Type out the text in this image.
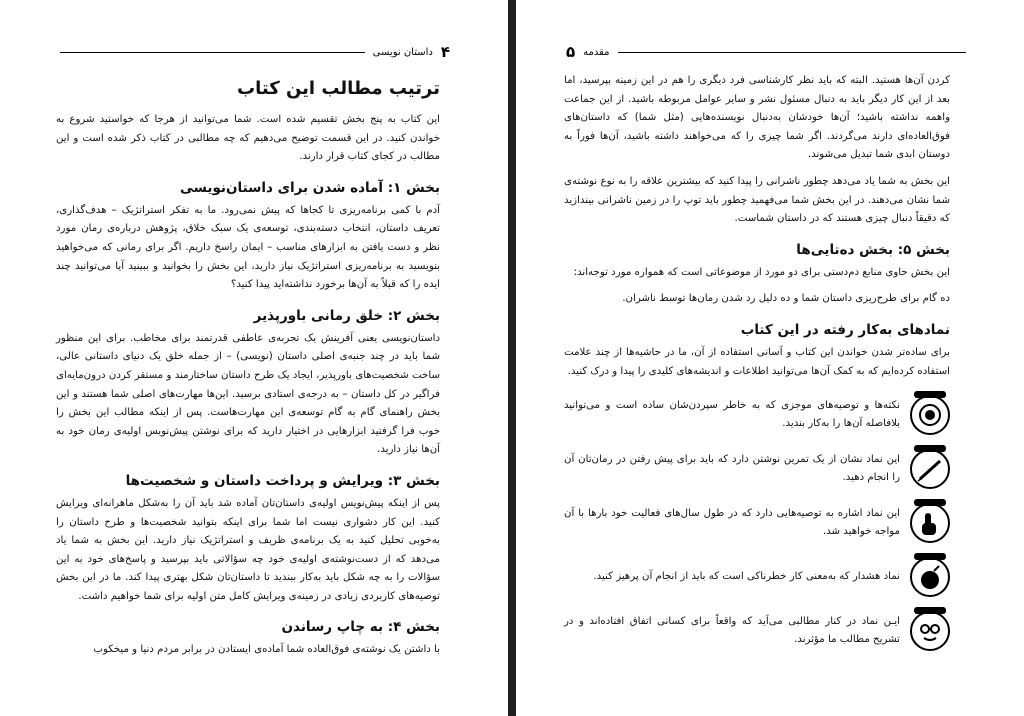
۴
داستان نویسی
ترتیب مطالب این کتاب

این کتاب به پنج بخش تقسیم شده است. شما می‌توانید از هرجا که خواستید شروع به خواندن کنید. در این قسمت توضیح می‌دهیم که چه مطالبی در کتاب ذکر شده است و این مطالب در کجای کتاب قرار دارند.

بخش ۱: آماده شدن برای داستان‌نویسی

آدم با کمی برنامه‌ریزی تا کجاها که پیش نمی‌رود. ما به تفکر استراتژیک – هدف‌گذاری، تعریف داستان، انتخاب دسته‌بندی، توسعه‌ی یک سبک خلاق، پژوهش درباره‌ی رمان مورد نظر و دست یافتن به ابزارهای مناسب – ایمان راسخ داریم. اگر برای رمانی که می‌خواهید بنویسید به برنامه‌ریزی استراتژیک نیاز دارید، این بخش را بخوانید و ببینید آیا می‌توانید چند ایده را که قبلاً به آن‌ها برخورد نداشته‌اید پیدا کنید؟

بخش ۲: خلق رمانی باورپذیر

داستان‌نویسی یعنی آفرینش یک تجربه‌ی عاطفی قدرتمند برای مخاطب. برای این منظور شما باید در چند جنبه‌ی اصلی داستان (نویسی) – از جمله خلق یک دنیای داستانی عالی، ساخت شخصیت‌های باورپذیر، ایجاد یک طرح داستان ساختارمند و مستقر کردن درون‌مایه‌ای فراگیر در کل داستان – به درجه‌ی استادی برسید. این‌ها مهارت‌های اصلی شما هستند و این بخش راهنمای گام به گام توسعه‌ی این مهارت‌هاست. پس از اینکه مطالب این بخش را خوب فرا گرفتید ابزارهایی در اختیار دارید که برای نوشتن پیش‌نویس اولیه‌ی رمان خود به آن‌ها نیاز دارید.

بخش ۳: ویرایش و پرداخت داستان و شخصیت‌ها

پس از اینکه پیش‌نویس اولیه‌ی داستان‌تان آماده شد باید آن را به‌شکل ماهرانه‌ای ویرایش کنید. این کار دشواری نیست اما شما برای اینکه بتوانید شخصیت‌ها و طرح داستان را به‌خوبی تحلیل کنید به یک برنامه‌ی ظریف و استراتژیک نیاز دارید. این بخش به شما یاد می‌دهد که از دست‌نوشته‌ی اولیه‌ی خود چه سؤالاتی باید بپرسید و پاسخ‌های خود به این سؤالات را به چه شکل باید به‌کار ببندید تا داستان‌تان شکل بهتری پیدا کند. ما در این بخش توصیه‌های کاربردی زیادی در زمینه‌ی ویرایش کامل متن اولیه برای شما خواهیم داشت.

بخش ۴: به چاپ رساندن

با داشتن یک نوشته‌ی فوق‌العاده شما آماده‌ی ایستادن در برابر مردم دنیا و میخکوب

مقدمه
۵

کردن آن‌ها هستید. البته که باید نظر کارشناسی فرد دیگری را هم در این زمینه بپرسید، اما بعد از این کار دیگر باید به دنبال مسئول نشر و سایر عوامل مربوطه باشید. از این جماعت واهمه نداشته باشید؛ آن‌ها خودشان به‌دنبال نویسنده‌هایی (مثل شما) که داستان‌های فوق‌العاده‌ای دارند می‌گردند. اگر شما چیزی را که می‌خواهند داشته باشید، آن‌ها فوراً به دوستان ابدی شما تبدیل می‌شوند.

این بخش به شما یاد می‌دهد چطور ناشرانی را پیدا کنید که بیشترین علاقه را به نوع نوشته‌ی شما نشان می‌دهند. در این بخش شما می‌فهمید چطور باید توپ را در زمین ناشرانی بیندازید که دقیقاً دنبال چیزی هستند که در داستان شماست.

بخش ۵: بخش ده‌تایی‌ها

این بخش حاوی منابع دم‌دستی برای دو مورد از موضوعاتی است که همواره مورد توجه‌اند:

ده گام برای طرح‌ریزی داستان شما و ده دلیل رد شدن رمان‌ها توسط ناشران.

نمادهای به‌کار رفته در این کتاب

برای ساده‌تر شدن خواندن این کتاب و آسانی استفاده از آن، ما در حاشیه‌ها از چند علامت استفاده کرده‌ایم که به کمک آن‌ها می‌توانید اطلاعات و اندیشه‌های کلیدی را پیدا و درک کنید.

نکته‌ها و توصیه‌های موجزی که به خاطر سپردن‌شان ساده است و می‌توانید بلافاصله آن‌ها را به‌کار بندید.
این نماد نشان از یک تمرین نوشتن دارد که باید برای پیش رفتن در رمان‌تان آن را انجام دهید.
این نماد اشاره به توصیه‌هایی دارد که در طول سال‌های فعالیت خود بارها با آن مواجه خواهید شد.
نماد هشدار که به‌معنی کار خطرناکی است که باید از انجام آن پرهیز کنید.
ایـن نماد در کنار مطالبی می‌آید که واقعاً برای کسانی اتفاق افتاده‌اند و در تشریح مطالب ما مؤثرند.
